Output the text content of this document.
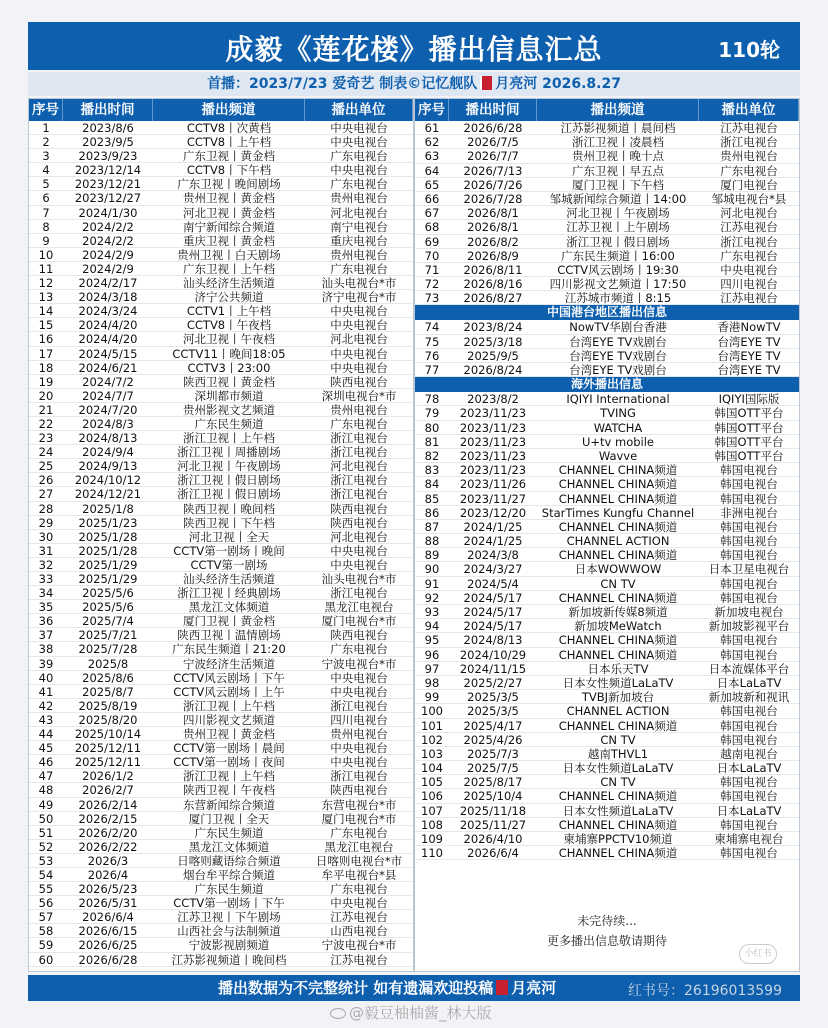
成毅《莲花楼》播出信息汇总	110轮
首播：2023/7/23 爱奇艺 制表©记忆舰队 月亮河 2026.8.27
序号	播出时间	播出频道	播出单位
1	2023/8/6	CCTV8丨次黄档	中央电视台
2	2023/9/5	CCTV8丨上午档	中央电视台
3	2023/9/23	广东卫视丨黄金档	广东电视台
4	2023/12/14	CCTV8丨下午档	中央电视台
5	2023/12/21	广东卫视丨晚间剧场	广东电视台
6	2023/12/27	贵州卫视丨黄金档	贵州电视台
7	2024/1/30	河北卫视丨黄金档	河北电视台
8	2024/2/2	南宁新闻综合频道	南宁电视台
9	2024/2/2	重庆卫视丨黄金档	重庆电视台
10	2024/2/9	贵州卫视丨白天剧场	贵州电视台
11	2024/2/9	广东卫视丨上午档	广东电视台
12	2024/2/17	汕头经济生活频道	汕头电视台*市
13	2024/3/18	济宁公共频道	济宁电视台*市
14	2024/3/24	CCTV1丨上午档	中央电视台
15	2024/4/20	CCTV8丨午夜档	中央电视台
16	2024/4/20	河北卫视丨午夜档	河北电视台
17	2024/5/15	CCTV11丨晚间18:05	中央电视台
18	2024/6/21	CCTV3丨23:00	中央电视台
19	2024/7/2	陕西卫视丨黄金档	陕西电视台
20	2024/7/7	深圳都市频道	深圳电视台*市
21	2024/7/20	贵州影视文艺频道	贵州电视台
22	2024/8/3	广东民生频道	广东电视台
23	2024/8/13	浙江卫视丨上午档	浙江电视台
24	2024/9/4	浙江卫视丨周播剧场	浙江电视台
25	2024/9/13	河北卫视丨午夜剧场	河北电视台
26	2024/10/12	浙江卫视丨假日剧场	浙江电视台
27	2024/12/21	浙江卫视丨假日剧场	浙江电视台
28	2025/1/8	陕西卫视丨晚间档	陕西电视台
29	2025/1/23	陕西卫视丨下午档	陕西电视台
30	2025/1/28	河北卫视丨全天	河北电视台
31	2025/1/28	CCTV第一剧场丨晚间	中央电视台
32	2025/1/29	CCTV第一剧场	中央电视台
33	2025/1/29	汕头经济生活频道	汕头电视台*市
34	2025/5/6	浙江卫视丨经典剧场	浙江电视台
35	2025/5/6	黑龙江文体频道	黑龙江电视台
36	2025/7/4	厦门卫视丨黄金档	厦门电视台*市
37	2025/7/21	陕西卫视丨温情剧场	陕西电视台
38	2025/7/28	广东民生频道丨21:20	广东电视台
39	2025/8	宁波经济生活频道	宁波电视台*市
40	2025/8/6	CCTV风云剧场丨下午	中央电视台
41	2025/8/7	CCTV风云剧场丨上午	中央电视台
42	2025/8/19	浙江卫视丨上午档	浙江电视台
43	2025/8/20	四川影视文艺频道	四川电视台
44	2025/10/14	贵州卫视丨黄金档	贵州电视台
45	2025/12/11	CCTV第一剧场丨晨间	中央电视台
46	2025/12/11	CCTV第一剧场丨夜间	中央电视台
47	2026/1/2	浙江卫视丨上午档	浙江电视台
48	2026/2/7	陕西卫视丨午夜档	陕西电视台
49	2026/2/14	东营新闻综合频道	东营电视台*市
50	2026/2/15	厦门卫视丨全天	厦门电视台*市
51	2026/2/20	广东民生频道	广东电视台
52	2026/2/22	黑龙江文体频道	黑龙江电视台
53	2026/3	日喀则藏语综合频道	日喀则电视台*市
54	2026/4	烟台牟平综合频道	牟平电视台*县
55	2026/5/23	广东民生频道	广东电视台
56	2026/5/31	CCTV第一剧场丨下午	中央电视台
57	2026/6/4	江苏卫视丨下午剧场	江苏电视台
58	2026/6/15	山西社会与法制频道	山西电视台
59	2026/6/25	宁波影视剧频道	宁波电视台*市
60	2026/6/28	江苏影视频道丨晚间档	江苏电视台
序号	播出时间	播出频道	播出单位
61	2026/6/28	江苏影视频道丨晨间档	江苏电视台
62	2026/7/5	浙江卫视丨凌晨档	浙江电视台
63	2026/7/7	贵州卫视丨晚十点	贵州电视台
64	2026/7/13	广东卫视丨早五点	广东电视台
65	2026/7/26	厦门卫视丨下午档	厦门电视台
66	2026/7/28	邹城新闻综合频道丨14:00	邹城电视台*县
67	2026/8/1	河北卫视丨午夜剧场	河北电视台
68	2026/8/1	江苏卫视丨上午剧场	江苏电视台
69	2026/8/2	浙江卫视丨假日剧场	浙江电视台
70	2026/8/9	广东民生频道丨16:00	广东电视台
71	2026/8/11	CCTV风云剧场丨19:30	中央电视台
72	2026/8/16	四川影视文艺频道丨17:50	四川电视台
73	2026/8/27	江苏城市频道丨8:15	江苏电视台
中国港台地区播出信息
74	2023/8/24	NowTV华剧台香港	香港NowTV
75	2025/3/18	台湾EYE TV戏剧台	台湾EYE TV
76	2025/9/5	台湾EYE TV戏剧台	台湾EYE TV
77	2026/8/24	台湾EYE TV戏剧台	台湾EYE TV
海外播出信息
78	2023/8/2	IQIYI International	IQIYI国际版
79	2023/11/23	TVING	韩国OTT平台
80	2023/11/23	WATCHA	韩国OTT平台
81	2023/11/23	U+tv mobile	韩国OTT平台
82	2023/11/23	Wavve	韩国OTT平台
83	2023/11/23	CHANNEL CHINA频道	韩国电视台
84	2023/11/26	CHANNEL CHINA频道	韩国电视台
85	2023/11/27	CHANNEL CHINA频道	韩国电视台
86	2023/12/20	StarTimes Kungfu Channel	非洲电视台
87	2024/1/25	CHANNEL CHINA频道	韩国电视台
88	2024/1/25	CHANNEL ACTION	韩国电视台
89	2024/3/8	CHANNEL CHINA频道	韩国电视台
90	2024/3/27	日本WOWWOW	日本卫星电视台
91	2024/5/4	CN TV	韩国电视台
92	2024/5/17	CHANNEL CHINA频道	韩国电视台
93	2024/5/17	新加坡新传媒8频道	新加坡电视台
94	2024/5/17	新加坡MeWatch	新加坡影视平台
95	2024/8/13	CHANNEL CHINA频道	韩国电视台
96	2024/10/29	CHANNEL CHINA频道	韩国电视台
97	2024/11/15	日本乐天TV	日本流媒体平台
98	2025/2/27	日本女性频道LaLaTV	日本LaLaTV
99	2025/3/5	TVBJ新加坡台	新加坡新和视讯
100	2025/3/5	CHANNEL ACTION	韩国电视台
101	2025/4/17	CHANNEL CHINA频道	韩国电视台
102	2025/4/26	CN TV	韩国电视台
103	2025/7/3	越南THVL1	越南电视台
104	2025/7/5	日本女性频道LaLaTV	日本LaLaTV
105	2025/8/17	CN TV	韩国电视台
106	2025/10/4	CHANNEL CHINA频道	韩国电视台
107	2025/11/18	日本女性频道LaLaTV	日本LaLaTV
108	2025/11/27	CHANNEL CHINA频道	韩国电视台
109	2026/4/10	柬埔寨PPCTV10频道	柬埔寨电视台
110	2026/6/4	CHANNEL CHINA频道	韩国电视台
未完待续...
更多播出信息敬请期待
小红书
播出数据为不完整统计 如有遗漏欢迎投稿 月亮河	红书号：26196013599
@毅豆柚柚酱_林大版
